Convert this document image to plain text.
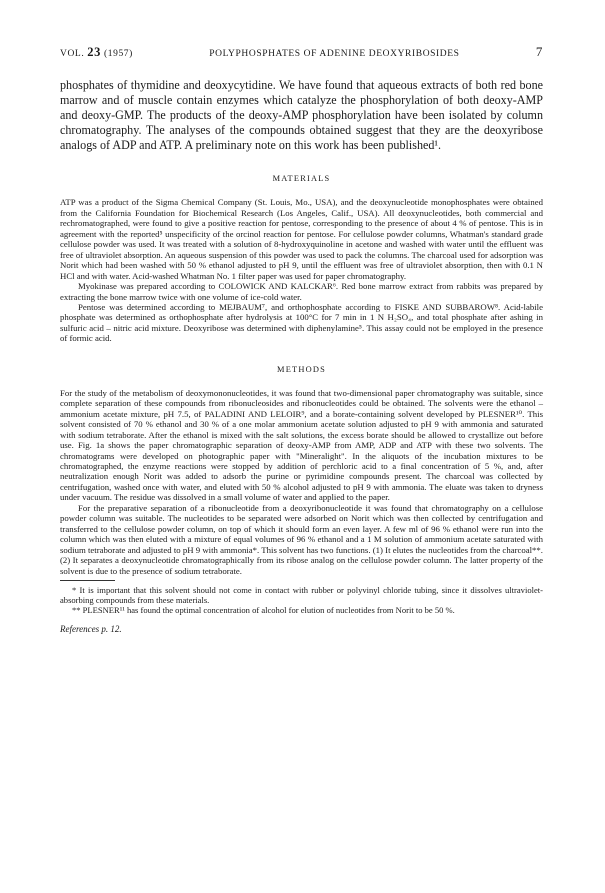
VOL. 23 (1957)	POLYPHOSPHATES OF ADENINE DEOXYRIBOSIDES	7

phosphates of thymidine and deoxycytidine. We have found that aqueous extracts of both red bone marrow and of muscle contain enzymes which catalyze the phosphorylation of both deoxy-AMP and deoxy-GMP. The products of the deoxy-AMP phosphorylation have been isolated by column chromatography. The analyses of the compounds obtained suggest that they are the deoxyribose analogs of ADP and ATP. A preliminary note on this work has been published¹.

MATERIALS

ATP was a product of the Sigma Chemical Company (St. Louis, Mo., USA), and the deoxynucleotide monophosphates were obtained from the California Foundation for Biochemical Research (Los Angeles, Calif., USA). All deoxynucleotides, both commercial and rechromatographed, were found to give a positive reaction for pentose, corresponding to the presence of about 4 % of pentose. This is in agreement with the reported⁵ unspecificity of the orcinol reaction for pentose. For cellulose powder columns, Whatman's standard grade cellulose powder was used. It was treated with a solution of 8-hydroxyquinoline in acetone and washed with water until the effluent was free of ultraviolet absorption. An aqueous suspension of this powder was used to pack the columns. The charcoal used for adsorption was Norit which had been washed with 50 % ethanol adjusted to pH 9, until the effluent was free of ultraviolet absorption, then with 0.1 N HCl and with water. Acid-washed Whatman No. 1 filter paper was used for paper chromatography.

Myokinase was prepared according to COLOWICK AND KALCKAR⁶. Red bone marrow extract from rabbits was prepared by extracting the bone marrow twice with one volume of ice-cold water.

Pentose was determined according to MEJBAUM⁷, and orthophosphate according to FISKE AND SUBBAROW⁸. Acid-labile phosphate was determined as orthophosphate after hydrolysis at 100°C for 7 min in 1 N H₂SO₄, and total phosphate after ashing in sulfuric acid – nitric acid mixture. Deoxyribose was determined with diphenylamine⁵. This assay could not be employed in the presence of formic acid.

METHODS

For the study of the metabolism of deoxymononucleotides, it was found that two-dimensional paper chromatography was suitable, since complete separation of these compounds from ribonucleosides and ribonucleotides could be obtained. The solvents were the ethanol – ammonium acetate mixture, pH 7.5, of PALADINI AND LELOIR⁹, and a borate-containing solvent developed by PLESNER¹⁰. This solvent consisted of 70 % ethanol and 30 % of a one molar ammonium acetate solution adjusted to pH 9 with ammonia and saturated with sodium tetraborate. After the ethanol is mixed with the salt solutions, the excess borate should be allowed to crystallize out before use. Fig. 1a shows the paper chromatographic separation of deoxy-AMP from AMP, ADP and ATP with these two solvents. The chromatograms were developed on photographic paper with "Mineralight". In the aliquots of the incubation mixtures to be chromatographed, the enzyme reactions were stopped by addition of perchloric acid to a final concentration of 5 %, and, after neutralization enough Norit was added to adsorb the purine or pyrimidine compounds present. The charcoal was collected by centrifugation, washed once with water, and eluted with 50 % alcohol adjusted to pH 9 with ammonia. The eluate was taken to dryness under vacuum. The residue was dissolved in a small volume of water and applied to the paper.

For the preparative separation of a ribonucleotide from a deoxyribonucleotide it was found that chromatography on a cellulose powder column was suitable. The nucleotides to be separated were adsorbed on Norit which was then collected by centrifugation and transferred to the cellulose powder column, on top of which it should form an even layer. A few ml of 96 % ethanol were run into the column which was then eluted with a mixture of equal volumes of 96 % ethanol and a 1 M solution of ammonium acetate saturated with sodium tetraborate and adjusted to pH 9 with ammonia*. This solvent has two functions. (1) It elutes the nucleotides from the charcoal**. (2) It separates a deoxynucleotide chromatographically from its ribose analog on the cellulose powder column. The latter property of the solvent is due to the presence of sodium tetraborate.

* It is important that this solvent should not come in contact with rubber or polyvinyl chloride tubing, since it dissolves ultraviolet-absorbing compounds from these materials.

** PLESNER¹¹ has found the optimal concentration of alcohol for elution of nucleotides from Norit to be 50 %.

References p. 12.
